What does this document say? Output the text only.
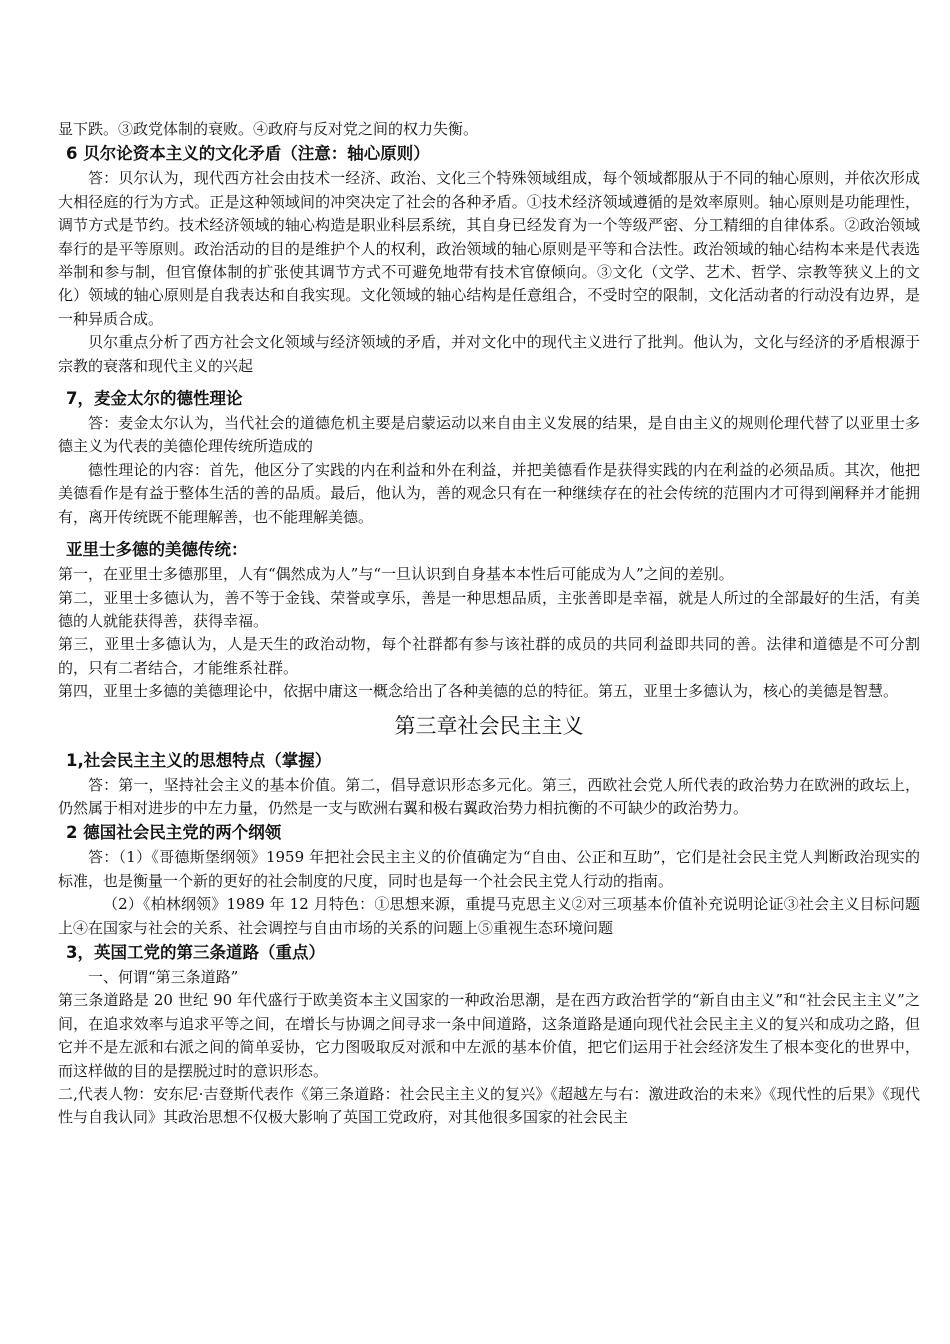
显下跌。③政党体制的衰败。④政府与反对党之间的权力失衡。

6 贝尔论资本主义的文化矛盾（注意：轴心原则）

答：贝尔认为，现代西方社会由技术一经济、政治、文化三个特殊领域组成，每个领域都服从于不同的轴心原则，并依次形成大相径庭的行为方式。正是这种领域间的冲突决定了社会的各种矛盾。①技术经济领域遵循的是效率原则。轴心原则是功能理性，调节方式是节约。技术经济领域的轴心构造是职业科层系统，其自身已经发育为一个等级严密、分工精细的自律体系。②政治领域奉行的是平等原则。政治活动的目的是维护个人的权利，政治领域的轴心原则是平等和合法性。政治领域的轴心结构本来是代表选举制和参与制，但官僚体制的扩张使其调节方式不可避免地带有技术官僚倾向。③文化（文学、艺术、哲学、宗教等狭义上的文化）领域的轴心原则是自我表达和自我实现。文化领域的轴心结构是任意组合，不受时空的限制，文化活动者的行动没有边界，是一种异质合成。

贝尔重点分析了西方社会文化领域与经济领域的矛盾，并对文化中的现代主义进行了批判。他认为，文化与经济的矛盾根源于宗教的衰落和现代主义的兴起

7，麦金太尔的德性理论

答：麦金太尔认为，当代社会的道德危机主要是启蒙运动以来自由主义发展的结果，是自由主义的规则伦理代替了以亚里士多德主义为代表的美德伦理传统所造成的

德性理论的内容：首先，他区分了实践的内在利益和外在利益，并把美德看作是获得实践的内在利益的必须品质。其次，他把美德看作是有益于整体生活的善的品质。最后，他认为，善的观念只有在一种继续存在的社会传统的范围内才可得到阐释并才能拥有，离开传统既不能理解善，也不能理解美德。

亚里士多德的美德传统：

第一，在亚里士多德那里，人有“偶然成为人”与“一旦认识到自身基本本性后可能成为人”之间的差别。

第二，亚里士多德认为，善不等于金钱、荣誉或享乐，善是一种思想品质，主张善即是幸福，就是人所过的全部最好的生活，有美德的人就能获得善，获得幸福。

第三，亚里士多德认为，人是天生的政治动物，每个社群都有参与该社群的成员的共同利益即共同的善。法律和道德是不可分割的，只有二者结合，才能维系社群。

第四，亚里士多德的美德理论中，依据中庸这一概念给出了各种美德的总的特征。第五，亚里士多德认为，核心的美德是智慧。

第三章社会民主主义
1,社会民主主义的思想特点（掌握）

答：第一，坚持社会主义的基本价值。第二，倡导意识形态多元化。第三，西欧社会党人所代表的政治势力在欧洲的政坛上，仍然属于相对进步的中左力量，仍然是一支与欧洲右翼和极右翼政治势力相抗衡的不可缺少的政治势力。

2 德国社会民主党的两个纲领

答：（1）《哥德斯堡纲领》1959 年把社会民主主义的价值确定为“自由、公正和互助”，它们是社会民主党人判断政治现实的标准，也是衡量一个新的更好的社会制度的尺度，同时也是每一个社会民主党人行动的指南。

（2）《柏林纲领》1989 年 12 月特色：①思想来源，重提马克思主义②对三项基本价值补充说明论证③社会主义目标问题上④在国家与社会的关系、社会调控与自由市场的关系的问题上⑤重视生态环境问题

3，英国工党的第三条道路（重点）

一、何谓“第三条道路”

第三条道路是 20 世纪 90 年代盛行于欧美资本主义国家的一种政治思潮，是在西方政治哲学的“新自由主义”和“社会民主主义”之间，在追求效率与追求平等之间，在增长与协调之间寻求一条中间道路，这条道路是通向现代社会民主主义的复兴和成功之路，但它并不是左派和右派之间的简单妥协，它力图吸取反对派和中左派的基本价值，把它们运用于社会经济发生了根本变化的世界中，而这样做的目的是摆脱过时的意识形态。

二,代表人物：安东尼·吉登斯代表作《第三条道路：社会民主主义的复兴》《超越左与右：激进政治的未来》《现代性的后果》《现代性与自我认同》其政治思想不仅极大影响了英国工党政府，对其他很多国家的社会民主
